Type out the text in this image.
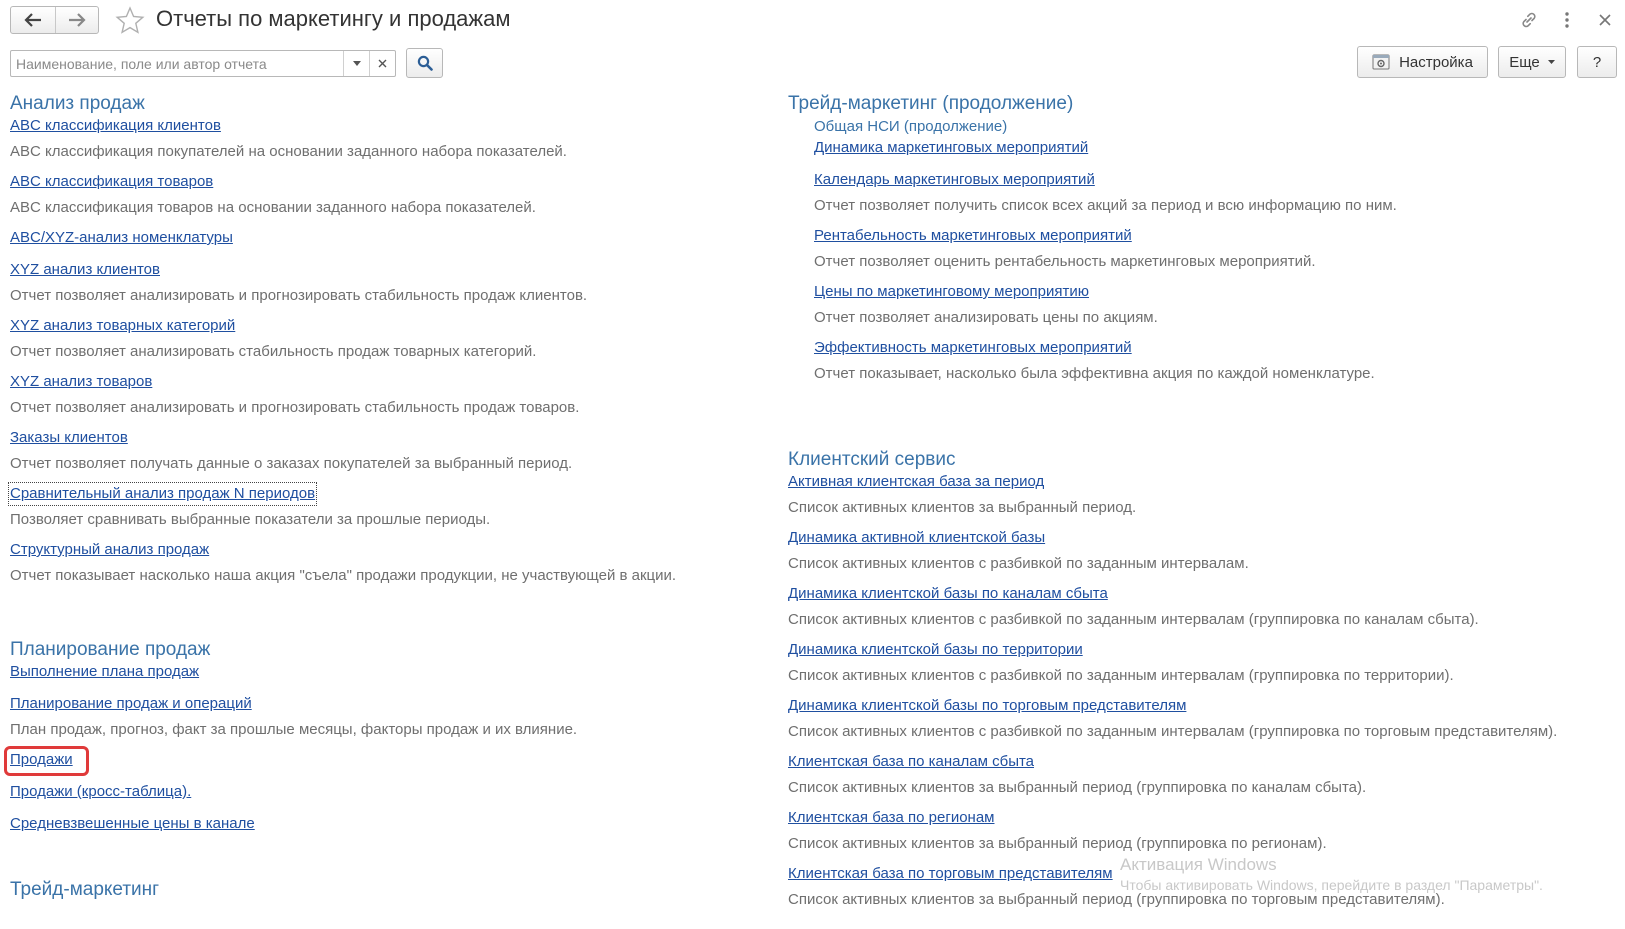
Отчеты по маркетингу и продажам
Наименование, поле или автор отчета
Настройка Еще	?
Анализ продаж
ABC классификация клиентов
ABC классификация покупателей на основании заданного набора показателей.
ABC классификация товаров
ABC классификация товаров на основании заданного набора показателей.
ABC/XYZ-анализ номенклатуры
XYZ анализ клиентов
Отчет позволяет анализировать и прогнозировать стабильность продаж клиентов.
XYZ анализ товарных категорий
Отчет позволяет анализировать стабильность продаж товарных категорий.
XYZ анализ товаров
Отчет позволяет анализировать и прогнозировать стабильность продаж товаров.
Заказы клиентов
Отчет позволяет получать данные о заказах покупателей за выбранный период.
Сравнительный анализ продаж N периодов
Позволяет сравнивать выбранные показатели за прошлые периоды.
Структурный анализ продаж
Отчет показывает насколько наша акция "съела" продажи продукции, не участвующей в акции.
Планирование продаж
Выполнение плана продаж
Планирование продаж и операций
План продаж, прогноз, факт за прошлые месяцы, факторы продаж и их влияние.
Продажи
Продажи (кросс-таблица).
Средневзвешенные цены в канале
Трейд-маркетинг
Трейд-маркетинг (продолжение)
Общая НСИ (продолжение)
Динамика маркетинговых мероприятий
Календарь маркетинговых мероприятий
Отчет позволяет получить список всех акций за период и всю информацию по ним.
Рентабельность маркетинговых мероприятий
Отчет позволяет оценить рентабельность маркетинговых мероприятий.
Цены по маркетинговому мероприятию
Отчет позволяет анализировать цены по акциям.
Эффективность маркетинговых мероприятий
Отчет показывает, насколько была эффективна акция по каждой номенклатуре.
Клиентский сервис
Активная клиентская база за период
Список активных клиентов за выбранный период.
Динамика активной клиентской базы
Список активных клиентов с разбивкой по заданным интервалам.
Динамика клиентской базы по каналам сбыта
Список активных клиентов с разбивкой по заданным интервалам (группировка по каналам сбыта).
Динамика клиентской базы по территории
Список активных клиентов с разбивкой по заданным интервалам (группировка по территории).
Динамика клиентской базы по торговым представителям
Список активных клиентов с разбивкой по заданным интервалам (группировка по торговым представителям).
Клиентская база по каналам сбыта
Список активных клиентов за выбранный период (группировка по каналам сбыта).
Клиентская база по регионам
Список активных клиентов за выбранный период (группировка по регионам).
Клиентская база по торговым представителям
Список активных клиентов за выбранный период (группировка по торговым представителям).
Активация Windows
Чтобы активировать Windows, перейдите в раздел "Параметры".
